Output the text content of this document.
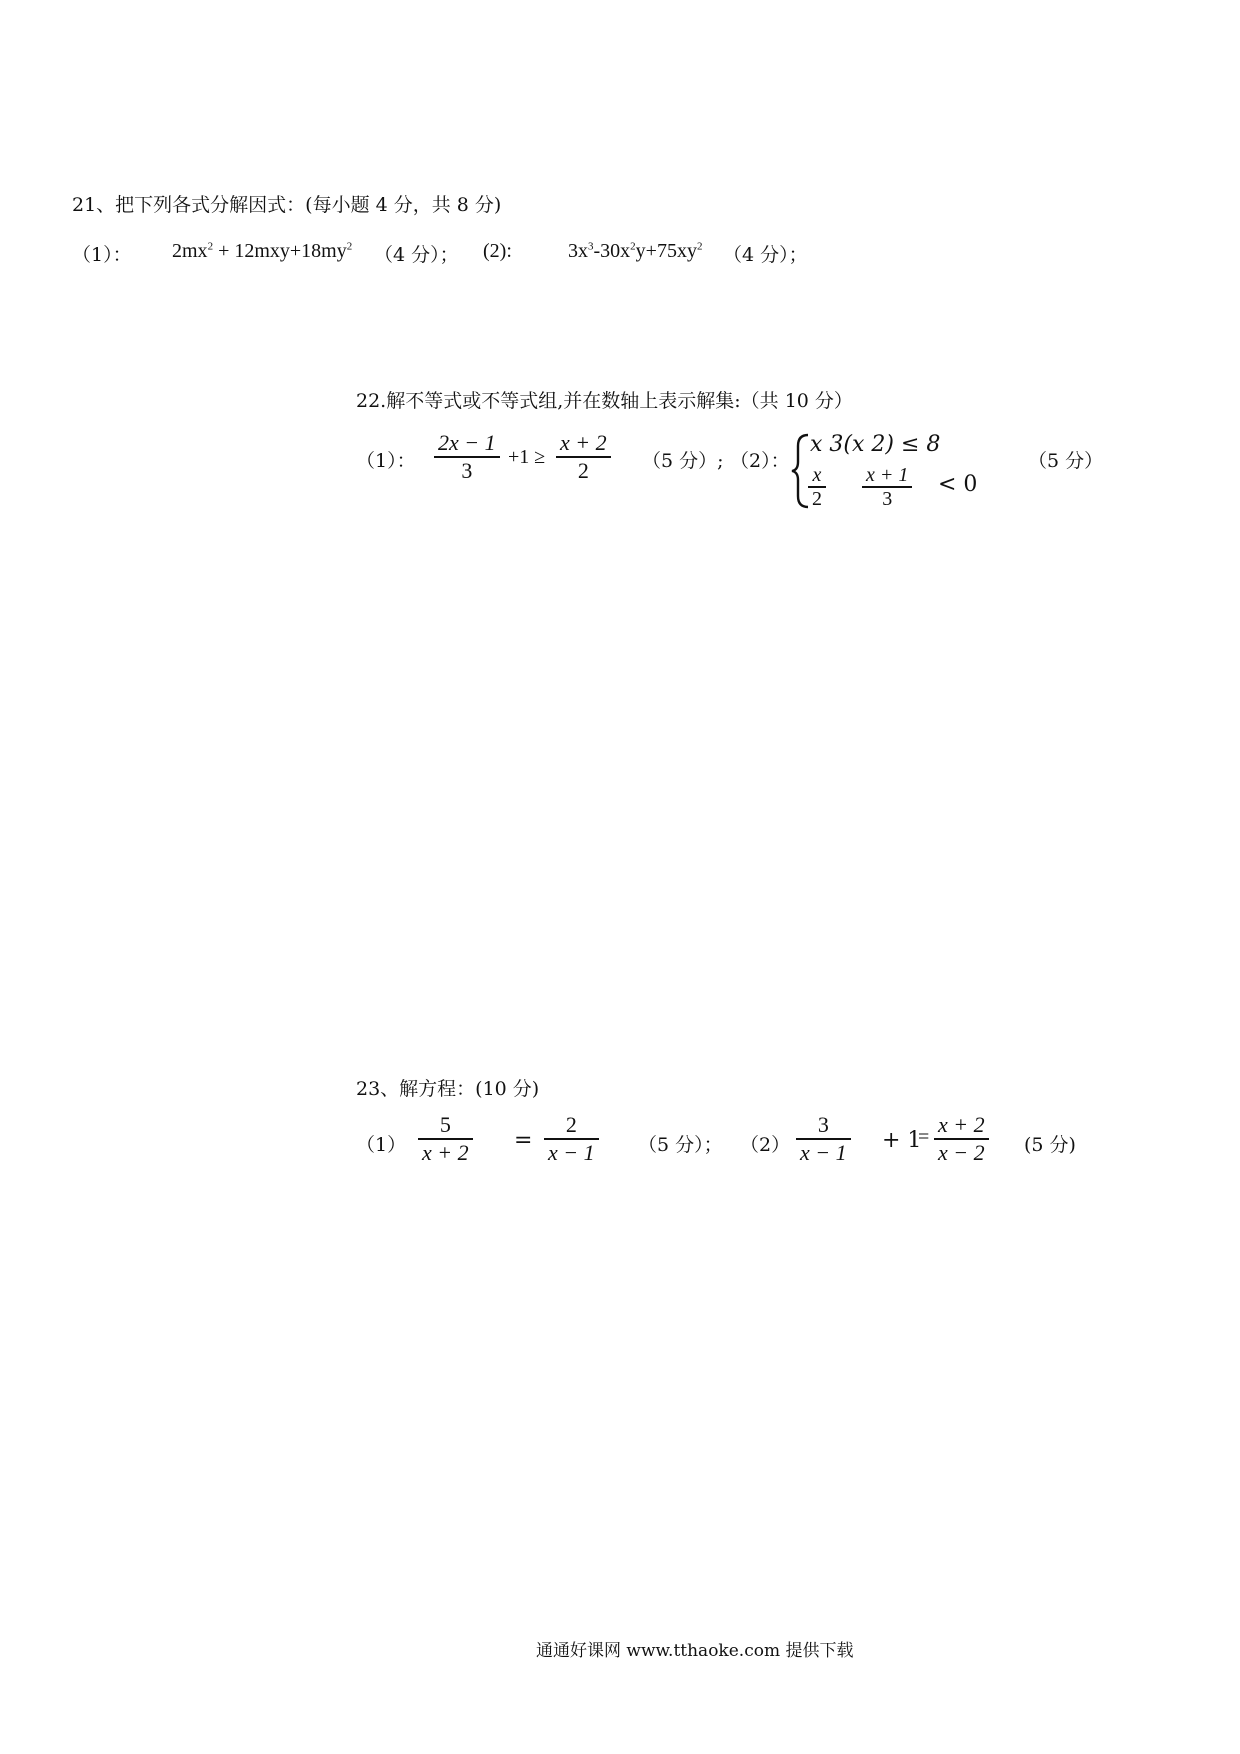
21、把下列各式分解因式：(每小题 4 分，共 8 分)
（1）： $2mx^2 + 12mxy+18my^2$ （4 分）； (2):	$3x^3-30x^2y+75xy^2$ （4 分）；
22.解不等式或不等式组,并在数轴上表示解集:（共 10 分）
（1）：
2x − 1
3
+1 ≥
x + 2
2	（5 分）; （2）：
x 3(x 2) ≤ 8
x
2
x + 1
3
< 0
（5 分）
23、解方程：(10 分)
（1）
5
x + 2 =
2
x − 1 （5 分）； （2）
3
x − 1 + 1
= x + 2
x − 2 (5 分)
通通好课网 www.tthaoke.com 提供下载
